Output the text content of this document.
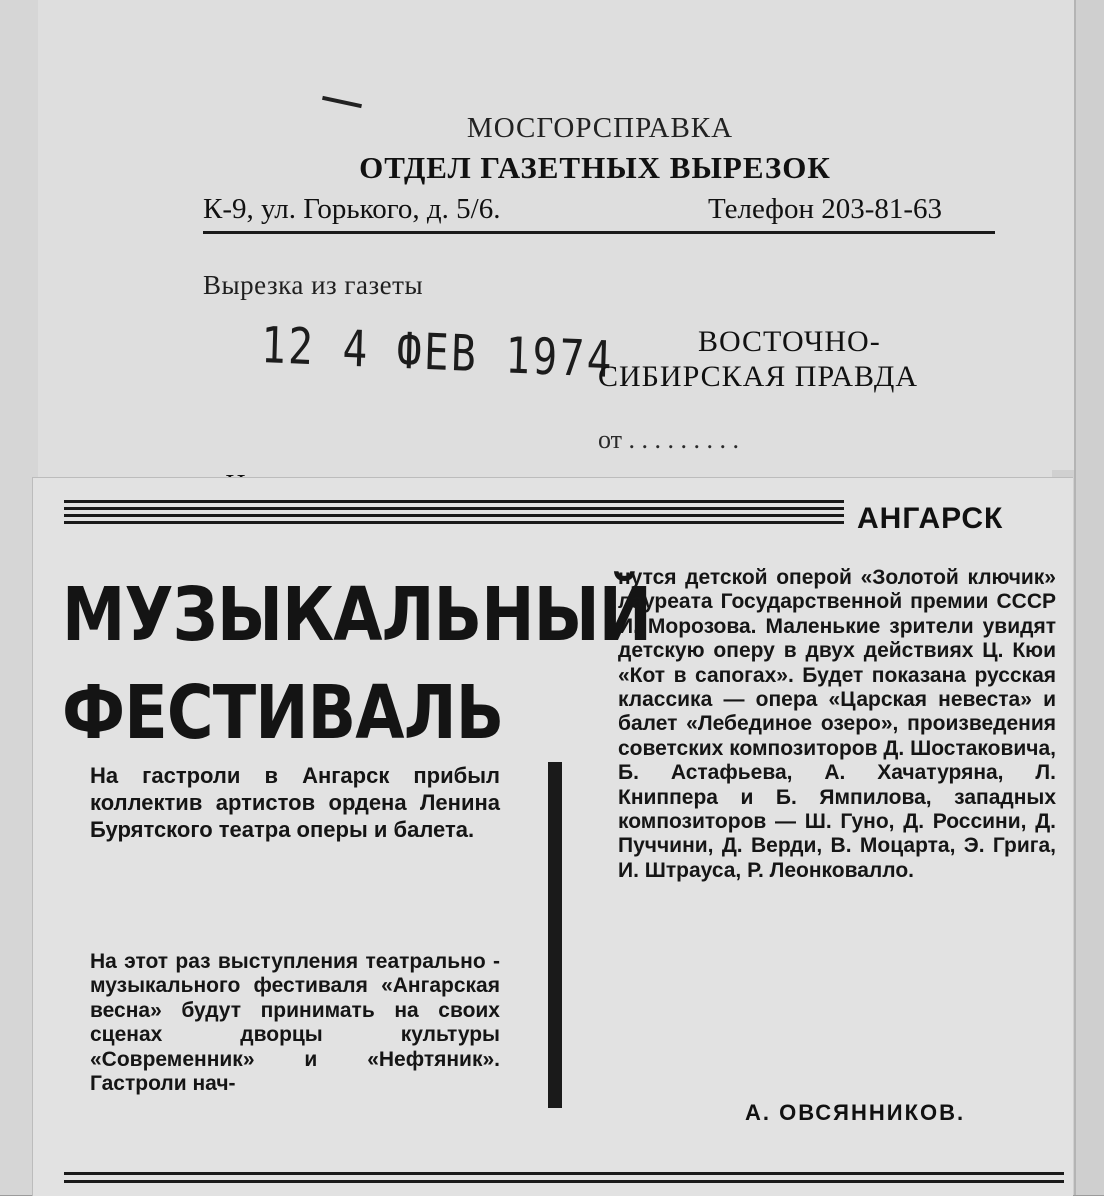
МОСГОРСПРАВКА
ОТДЕЛ ГАЗЕТНЫХ ВЫРЕЗОК
К-9, ул. Горького, д. 5/6.	Телефон 203-81-63
Вырезка из газеты
12 4 ФЕВ 1974	ВОСТОЧНО-
СИБИРСКАЯ ПРАВДА
от . . . . . . . . .
АНГАРСК
МУЗЫКАЛЬНЫЙ
ФЕСТИВАЛЬ

На гастроли в Ангарск прибыл коллектив артистов ордена Ленина Бурятского театра оперы и балета.

На этот раз выступления театрально - музыкального фестиваля «Ангарская весна» будут принимать на своих сценах дворцы культуры «Современник» и «Нефтяник». Гастроли нач-

нутся детской оперой «Золотой ключик» лауреата Государственной премии СССР И. Морозова. Маленькие зрители увидят детскую оперу в двух действиях Ц. Кюи «Кот в сапогах». Будет показана русская классика — опера «Царская невеста» и балет «Лебединое озеро», произведения советских композиторов Д. Шостаковича, Б. Астафьева, А. Хачатуряна, Л. Книппера и Б. Ямпилова, западных композиторов — Ш. Гуно, Д. Россини, Д. Пуччини, Д. Верди, В. Моцарта, Э. Грига, И. Штрауса, Р. Леонковалло.

А. ОВСЯННИКОВ.
